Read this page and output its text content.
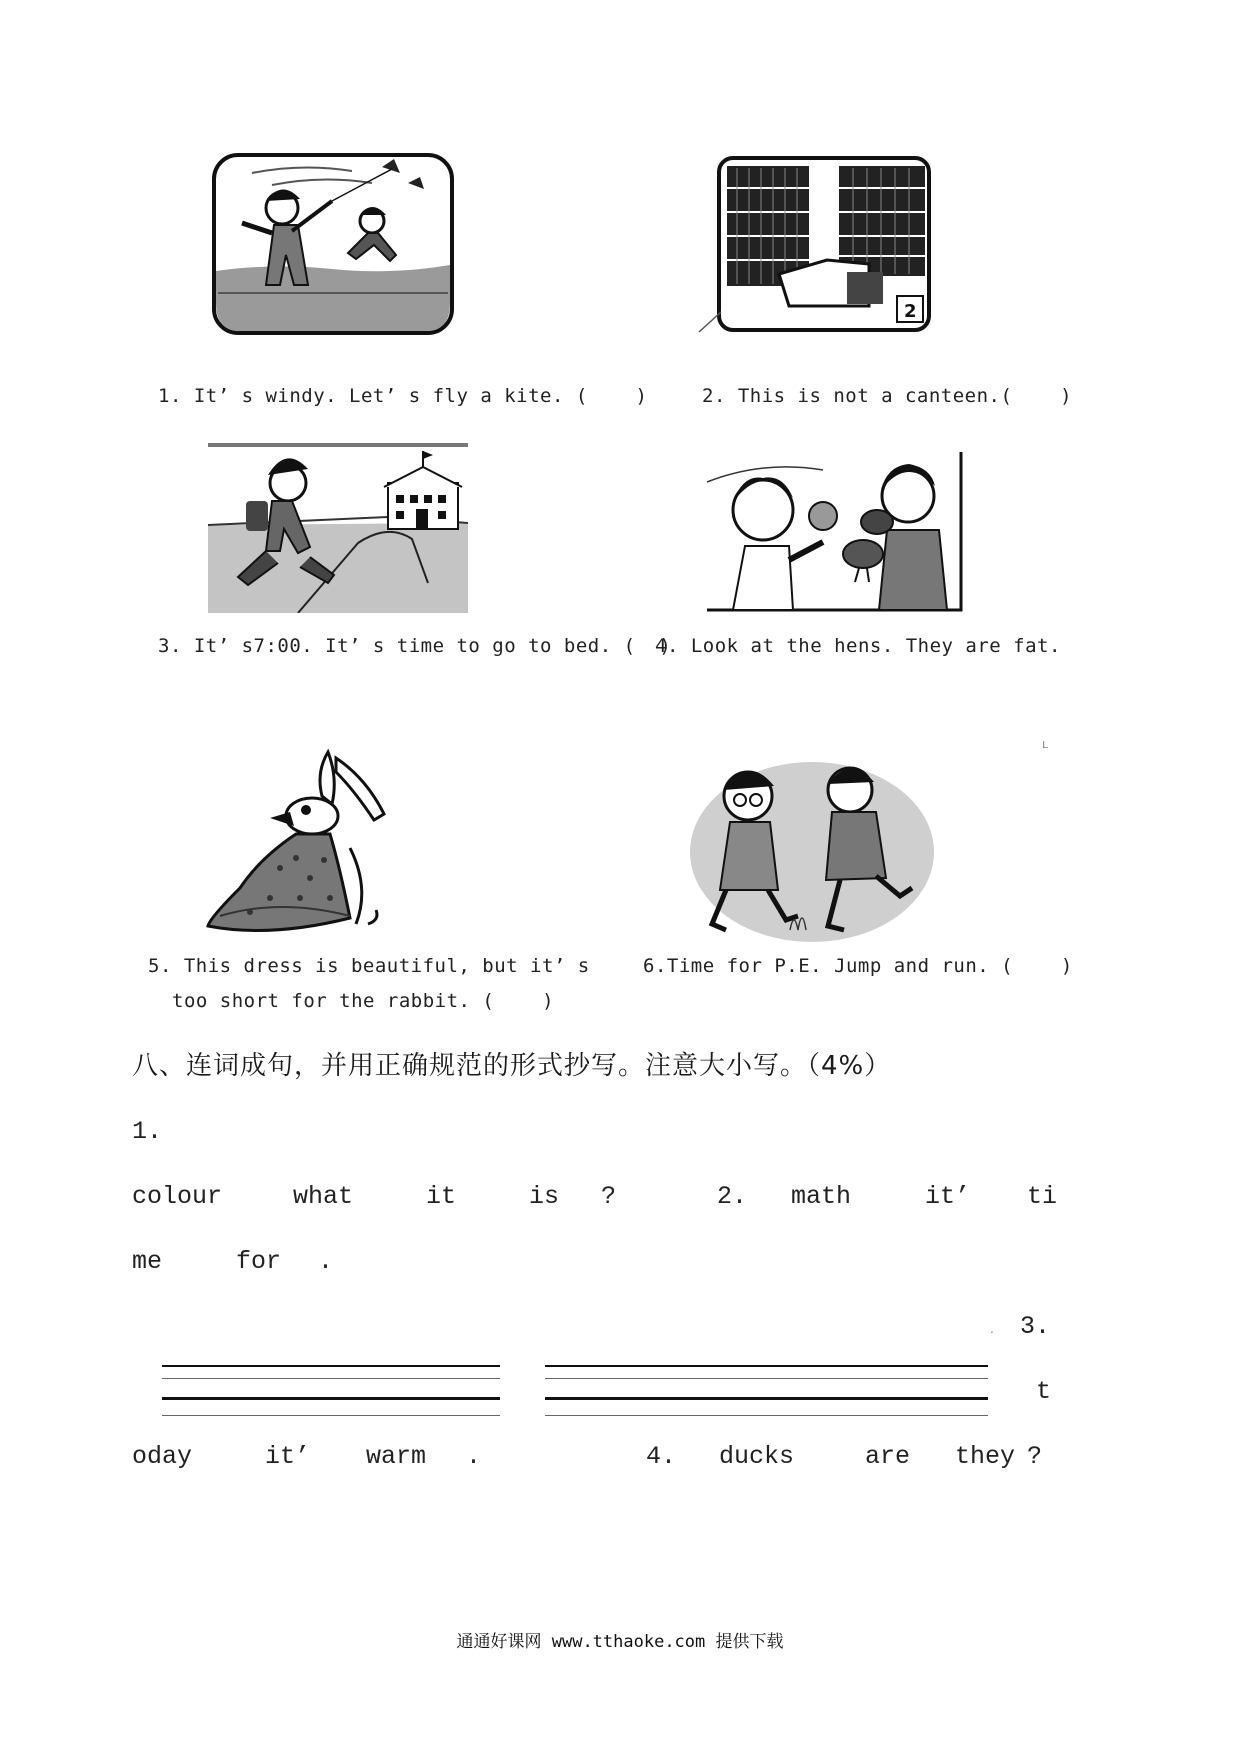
2
1. It’ s windy. Let’ s fly a kite. (    )	2. This is not a canteen.(    )
3. It’ s7:00. It’ s time to go to bed. (  )
4. Look at the hens. They are fat.
ʟ
5. This dress is beautiful, but it’ s
too short for the rabbit. (    )
6.Time for P.E. Jump and run. (    )
八、连词成句，并用正确规范的形式抄写。注意大小写。（4%）
1.
colour	what	it	is ?	2. math	it’ ti
me	for .
. 3.
t
oday	it’ warm .	4. ducks	are they ?
通通好课网 www.tthaoke.com 提供下载
